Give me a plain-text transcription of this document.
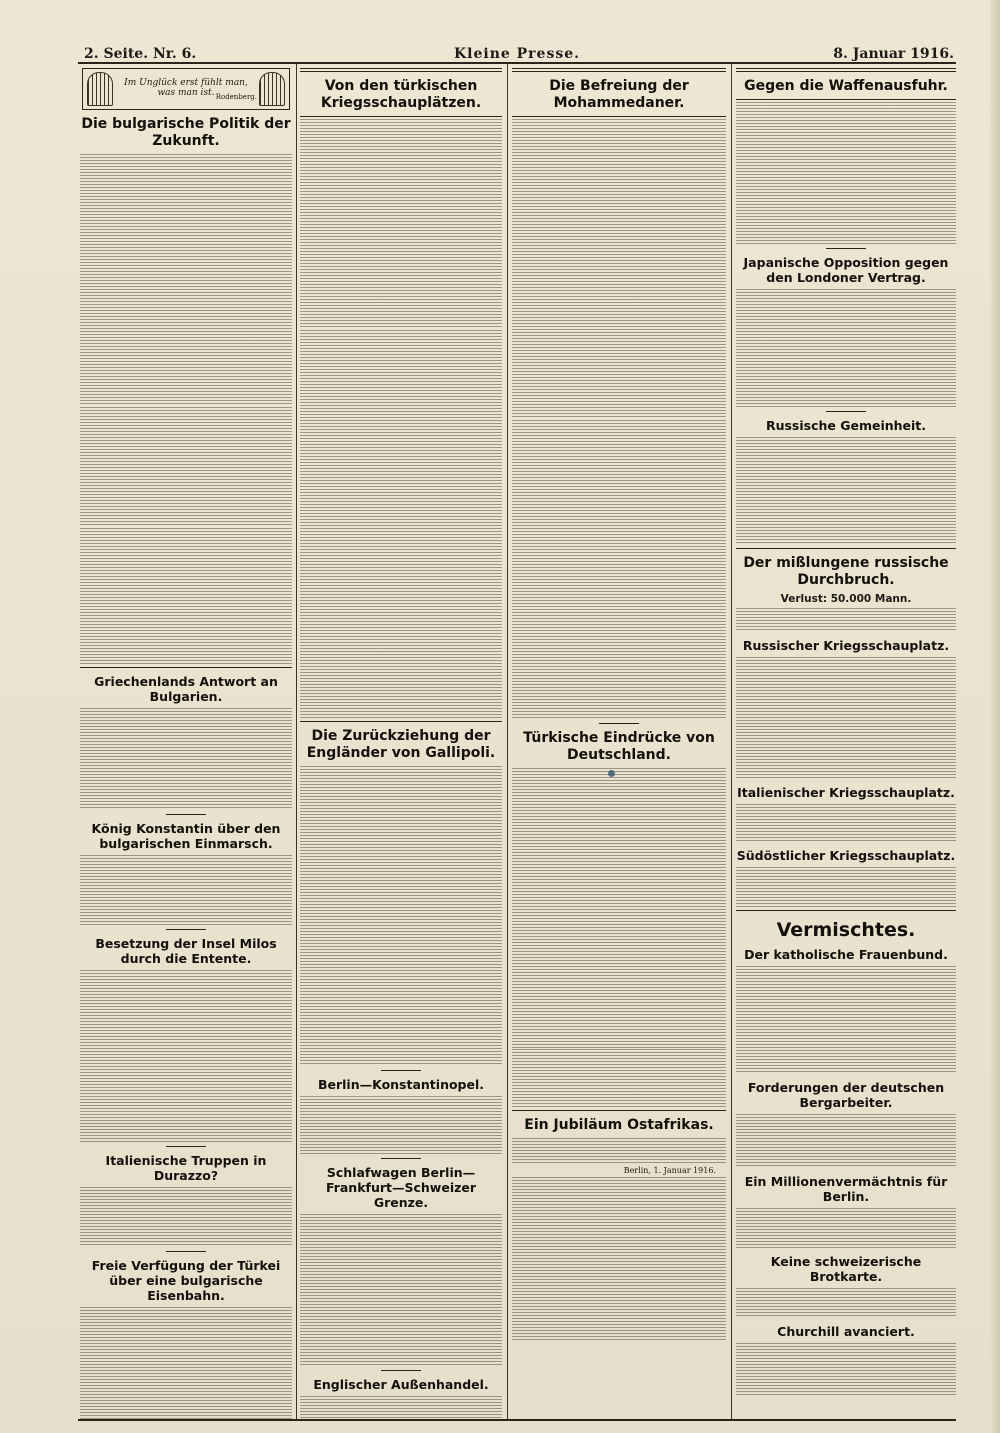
2. Seite. Nr. 6.	Kleine Presse.	8. Januar 1916.
Im Unglück erst fühlt man, was man ist. Rodenberg.
Die bulgarische Politik der Zukunft.
Griechenlands Antwort an Bulgarien.
König Konstantin über den bulgarischen Einmarsch.
Besetzung der Insel Milos durch die Entente.
Italienische Truppen in Durazzo?
Freie Verfügung der Türkei über eine bulgarische Eisenbahn.
Von den türkischen Kriegsschauplätzen.
Die Zurückziehung der Engländer von Gallipoli.
Berlin—Konstantinopel.
Schlafwagen Berlin—Frankfurt—Schweizer Grenze.
Englischer Außenhandel.
Die Befreiung der Mohammedaner.
Türkische Eindrücke von Deutschland.
Ein Jubiläum Ostafrikas.
Berlin, 1. Januar 1916.
Gegen die Waffenausfuhr.
Japanische Opposition gegen den Londoner Vertrag.
Russische Gemeinheit.
Der mißlungene russische Durchbruch.
Verlust: 50.000 Mann.
Russischer Kriegsschauplatz.
Italienischer Kriegsschauplatz.
Südöstlicher Kriegsschauplatz.
Vermischtes.
Der katholische Frauenbund.
Forderungen der deutschen Bergarbeiter.
Ein Millionenvermächtnis für Berlin.
Keine schweizerische Brotkarte.
Churchill avanciert.
